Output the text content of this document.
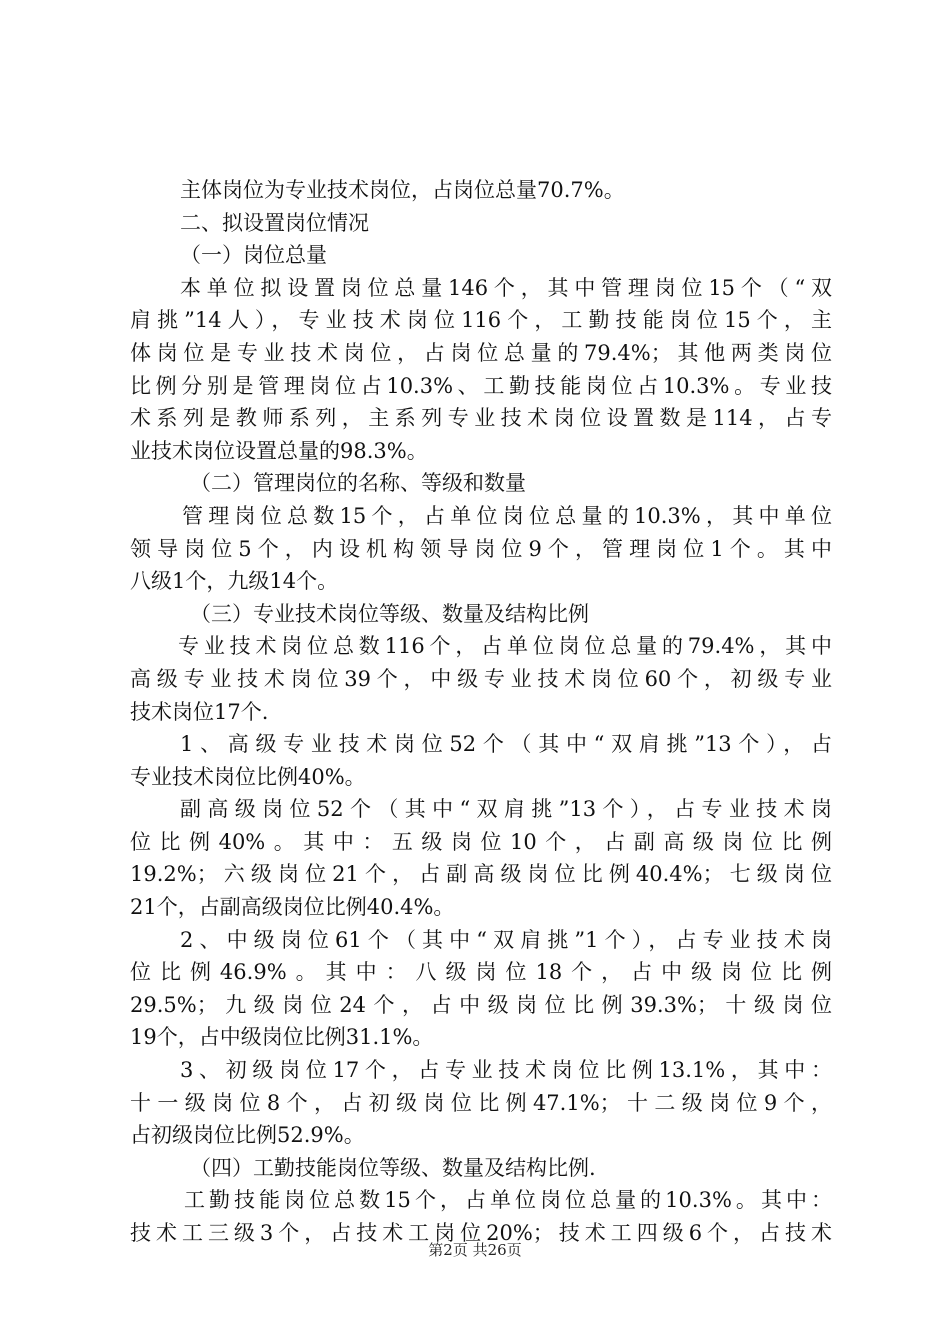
主体岗位为专业技术岗位，占岗位总量70.7%。
二、拟设置岗位情况
（一）岗位总量
本单位拟设置岗位总量146个，其中管理岗位15个（“双
肩挑”14人），专业技术岗位116个，工勤技能岗位15个，主
体岗位是专业技术岗位，占岗位总量的79.4%；其他两类岗位
比例分别是管理岗位占10.3%、工勤技能岗位占10.3%。专业技
术系列是教师系列，主系列专业技术岗位设置数是114，占专
业技术岗位设置总量的98.3%。
（二）管理岗位的名称、等级和数量
管理岗位总数15个，占单位岗位总量的10.3%，其中单位
领导岗位5个，内设机构领导岗位9个，管理岗位1个。其中
八级1个，九级14个。
（三）专业技术岗位等级、数量及结构比例
专业技术岗位总数116个，占单位岗位总量的79.4%，其中
高级专业技术岗位39个，中级专业技术岗位60个，初级专业
技术岗位17个.
1、高级专业技术岗位52个（其中“双肩挑”13个），占
专业技术岗位比例40%。
副高级岗位52个（其中“双肩挑”13个），占专业技术岗
位比例40%。其中：五级岗位10个，占副高级岗位比例
19.2%；六级岗位21个，占副高级岗位比例40.4%；七级岗位
21个，占副高级岗位比例40.4%。
2、中级岗位61个（其中“双肩挑”1个），占专业技术岗
位比例46.9%。其中：八级岗位18个，占中级岗位比例
29.5%；九级岗位24个，占中级岗位比例39.3%；十级岗位
19个，占中级岗位比例31.1%。
3、初级岗位17个，占专业技术岗位比例13.1%，其中：
十一级岗位8个，占初级岗位比例47.1%；十二级岗位9个，
占初级岗位比例52.9%。
（四）工勤技能岗位等级、数量及结构比例.
工勤技能岗位总数15个，占单位岗位总量的10.3%。其中：
技术工三级3个，占技术工岗位20%；技术工四级6个，占技术
第2页 共26页
